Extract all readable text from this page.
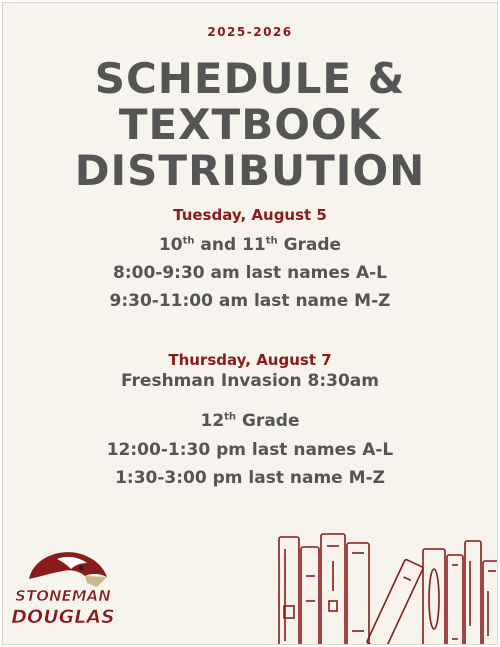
2025-2026
SCHEDULE &
TEXTBOOK
DISTRIBUTION
Tuesday, August 5
10th and 11th Grade
8:00-9:30 am last names A-L
9:30-11:00 am last name M-Z
Thursday, August 7
Freshman Invasion 8:30am
12th Grade
12:00-1:30 pm last names A-L
1:30-3:00 pm last name M-Z
STONEMAN
DOUGLAS
